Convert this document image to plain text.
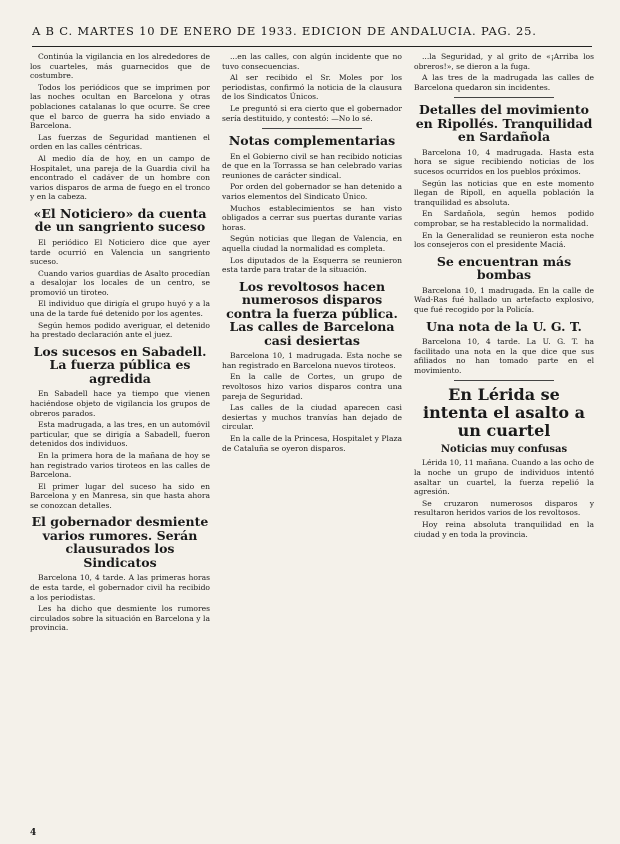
A B C. MARTES 10 DE ENERO DE 1933. EDICION DE ANDALUCIA. PAG. 25.

Continúa la vigilancia en los alrededores de los cuarteles, más guarnecidos que de costumbre.

Todos los periódicos que se imprimen por las noches ocultan en Barcelona y otras poblaciones catalanas lo que ocurre. Se cree que el barco de guerra ha sido enviado a Barcelona.

Las fuerzas de Seguridad mantienen el orden en las calles céntricas.

Al medio día de hoy, en un campo de Hospitalet, una pareja de la Guardia civil ha encontrado el cadáver de un hombre con varios disparos de arma de fuego en el tronco y en la cabeza.

«El Noticiero» da cuenta de un sangriento suceso

El periódico El Noticiero dice que ayer tarde ocurrió en Valencia un sangriento suceso.

Cuando varios guardias de Asalto procedían a desalojar los locales de un centro, se promovió un tiroteo.

El individuo que dirigía el grupo huyó y a la una de la tarde fué detenido por los agentes.

Según hemos podido averiguar, el detenido ha prestado declaración ante el juez.

Los sucesos en Sabadell. La fuerza pública es agredida

En Sabadell hace ya tiempo que vienen haciéndose objeto de vigilancia los grupos de obreros parados.

Esta madrugada, a las tres, en un automóvil particular, que se dirigía a Sabadell, fueron detenidos dos individuos.

En la primera hora de la mañana de hoy se han registrado varios tiroteos en las calles de Barcelona.

El primer lugar del suceso ha sido en Barcelona y en Manresa, sin que hasta ahora se conozcan detalles.

El gobernador desmiente varios rumores. Serán clausurados los Sindicatos

Barcelona 10, 4 tarde. A las primeras horas de esta tarde, el gobernador civil ha recibido a los periodistas.

Les ha dicho que desmiente los rumores circulados sobre la situación en Barcelona y la provincia.

...en las calles, con algún incidente que no tuvo consecuencias.

Al ser recibido el Sr. Moles por los periodistas, confirmó la noticia de la clausura de los Sindicatos Únicos.

Le preguntó si era cierto que el gobernador sería destituido, y contestó: —No lo sé.

Notas complementarias

En el Gobierno civil se han recibido noticias de que en la Torrassa se han celebrado varias reuniones de carácter sindical.

Por orden del gobernador se han detenido a varios elementos del Sindicato Único.

Muchos establecimientos se han visto obligados a cerrar sus puertas durante varias horas.

Según noticias que llegan de Valencia, en aquella ciudad la normalidad es completa.

Los diputados de la Esquerra se reunieron esta tarde para tratar de la situación.

Los revoltosos hacen numerosos disparos contra la fuerza pública. Las calles de Barcelona casi desiertas

Barcelona 10, 1 madrugada. Esta noche se han registrado en Barcelona nuevos tiroteos.

En la calle de Cortes, un grupo de revoltosos hizo varios disparos contra una pareja de Seguridad.

Las calles de la ciudad aparecen casi desiertas y muchos tranvías han dejado de circular.

En la calle de la Princesa, Hospitalet y Plaza de Cataluña se oyeron disparos.

...la Seguridad, y al grito de «¡Arriba los obreros!», se dieron a la fuga.

A las tres de la madrugada las calles de Barcelona quedaron sin incidentes.

Detalles del movimiento en Ripollés. Tranquilidad en Sardañola

Barcelona 10, 4 madrugada. Hasta esta hora se sigue recibiendo noticias de los sucesos ocurridos en los pueblos próximos.

Según las noticias que en este momento llegan de Ripoll, en aquella población la tranquilidad es absoluta.

En Sardañola, según hemos podido comprobar, se ha restablecido la normalidad.

En la Generalidad se reunieron esta noche los consejeros con el presidente Maciá.

Se encuentran más bombas

Barcelona 10, 1 madrugada. En la calle de Wad-Ras fué hallado un artefacto explosivo, que fué recogido por la Policía.

Una nota de la U. G. T.

Barcelona 10, 4 tarde. La U. G. T. ha facilitado una nota en la que dice que sus afiliados no han tomado parte en el movimiento.

En Lérida se intenta el asalto a un cuartel
Noticias muy confusas

Lérida 10, 11 mañana. Cuando a las ocho de la noche un grupo de individuos intentó asaltar un cuartel, la fuerza repelió la agresión.

Se cruzaron numerosos disparos y resultaron heridos varios de los revoltosos.

Hoy reina absoluta tranquilidad en la ciudad y en toda la provincia.

4
